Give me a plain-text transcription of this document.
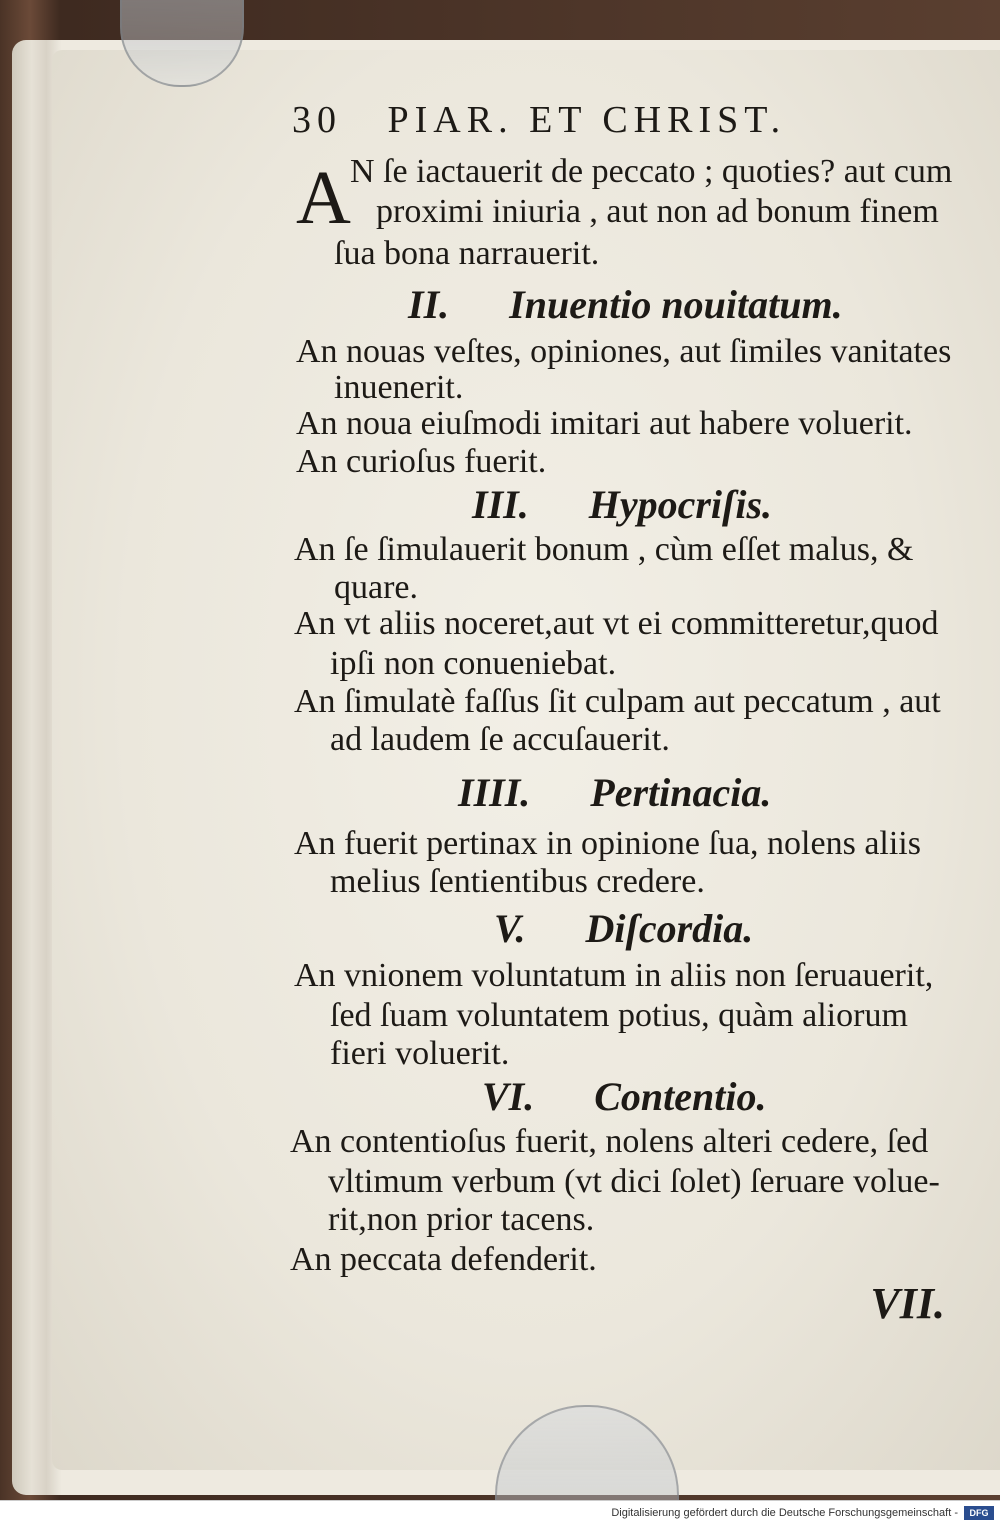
30 PIAR. ET CHRIST.
A N ſe iactauerit de peccato ; quoties? aut cum
proximi iniuria , aut non ad bonum finem
ſua bona narrauerit.
II. Inuentio nouitatum.
An nouas veſtes, opiniones, aut ſimiles vanitates
inuenerit.
An noua eiuſmodi imitari aut habere voluerit.
An curioſus fuerit.
III. Hypocriſis.
An ſe ſimulauerit bonum , cùm eſſet malus, &
quare.
An vt aliis noceret,aut vt ei committeretur,quod
ipſi non conueniebat.
An ſimulatè faſſus ſit culpam aut peccatum , aut
ad laudem ſe accuſauerit.
IIII. Pertinacia.
An fuerit pertinax in opinione ſua, nolens aliis
melius ſentientibus credere.
V. Diſcordia.
An vnionem voluntatum in aliis non ſeruauerit,
ſed ſuam voluntatem potius, quàm aliorum
fieri voluerit.
VI. Contentio.
An contentioſus fuerit, nolens alteri cedere, ſed
vltimum verbum (vt dici ſolet) ſeruare volue-
rit,non prior tacens.
An peccata defenderit.
VII.
Digitalisierung gefördert durch die Deutsche Forschungsgemeinschaft -	DFG
